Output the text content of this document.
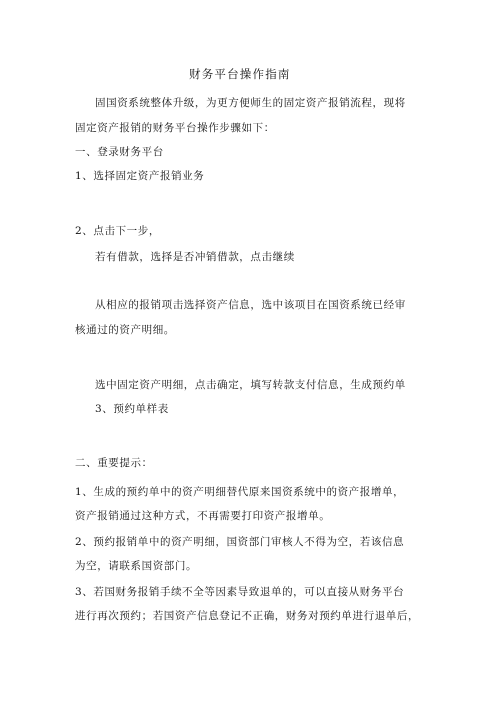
财务平台操作指南
固国资系统整体升级，为更方便师生的固定资产报销流程，现将
固定资产报销的财务平台操作步骤如下：
一、登录财务平台
1、选择固定资产报销业务
2、点击下一步，
若有借款，选择是否冲销借款，点击继续
从相应的报销项击选择资产信息，选中该项目在国资系统已经审
核通过的资产明细。
选中固定资产明细，点击确定，填写转款支付信息，生成预约单
3、预约单样表
二、重要提示：
1、生成的预约单中的资产明细替代原来国资系统中的资产报增单，
资产报销通过这种方式，不再需要打印资产报增单。
2、预约报销单中的资产明细，国资部门审核人不得为空，若该信息
为空，请联系国资部门。
3、若国财务报销手续不全等因素导致退单的，可以直接从财务平台
进行再次预约；若国资产信息登记不正确，财务对预约单进行退单后，
